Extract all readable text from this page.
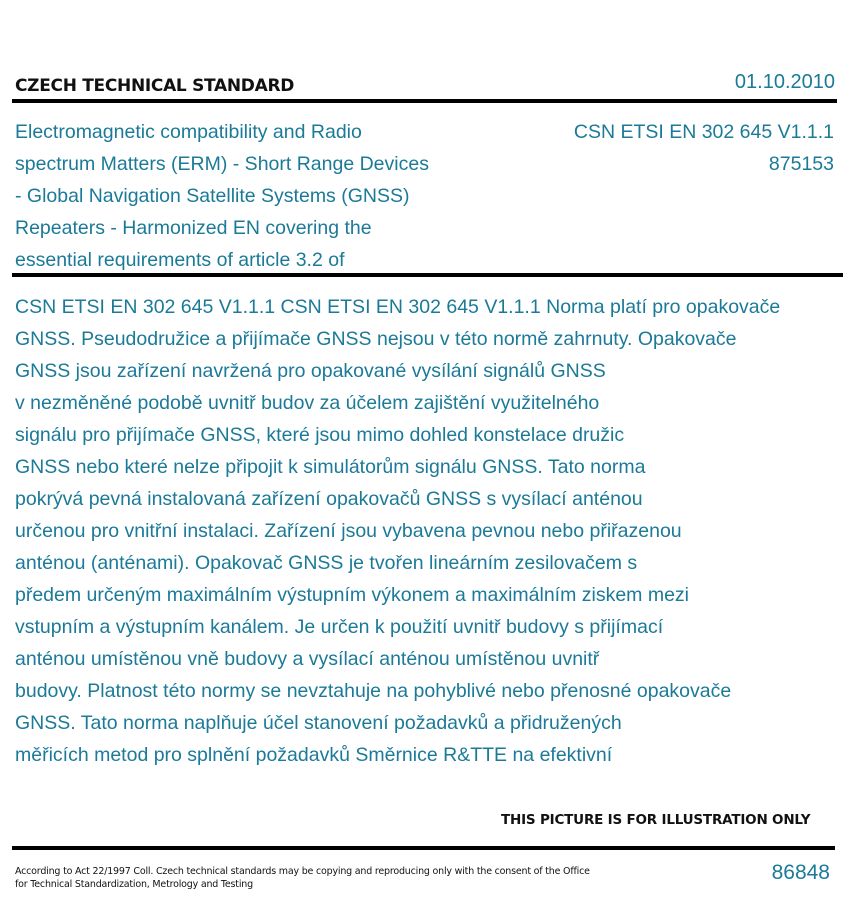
CZECH TECHNICAL STANDARD	01.10.2010
Electromagnetic compatibility and Radio
spectrum Matters (ERM) - Short Range Devices
- Global Navigation Satellite Systems (GNSS)
Repeaters - Harmonized EN covering the
essential requirements of article 3.2 of
CSN ETSI EN 302 645 V1.1.1
875153
CSN ETSI EN 302 645 V1.1.1 CSN ETSI EN 302 645 V1.1.1 Norma platí pro opakovače
GNSS. Pseudodružice a přijímače GNSS nejsou v této normě zahrnuty. Opakovače
GNSS jsou zařízení navržená pro opakované vysílání signálů GNSS
v nezměněné podobě uvnitř budov za účelem zajištění využitelného
signálu pro přijímače GNSS, které jsou mimo dohled konstelace družic
GNSS nebo které nelze připojit k simulátorům signálu GNSS. Tato norma
pokrývá pevná instalovaná zařízení opakovačů GNSS s vysílací anténou
určenou pro vnitřní instalaci. Zařízení jsou vybavena pevnou nebo přiřazenou
anténou (anténami). Opakovač GNSS je tvořen lineárním zesilovačem s
předem určeným maximálním výstupním výkonem a maximálním ziskem mezi
vstupním a výstupním kanálem. Je určen k použití uvnitř budovy s přijímací
anténou umístěnou vně budovy a vysílací anténou umístěnou uvnitř
budovy. Platnost této normy se nevztahuje na pohyblivé nebo přenosné opakovače
GNSS. Tato norma naplňuje účel stanovení požadavků a přidružených
měřicích metod pro splnění požadavků Směrnice R&TTE na efektivní
THIS PICTURE IS FOR ILLUSTRATION ONLY
According to Act 22/1997 Coll. Czech technical standards may be copying and reproducing only with the consent of the Office
for Technical Standardization, Metrology and Testing
86848
